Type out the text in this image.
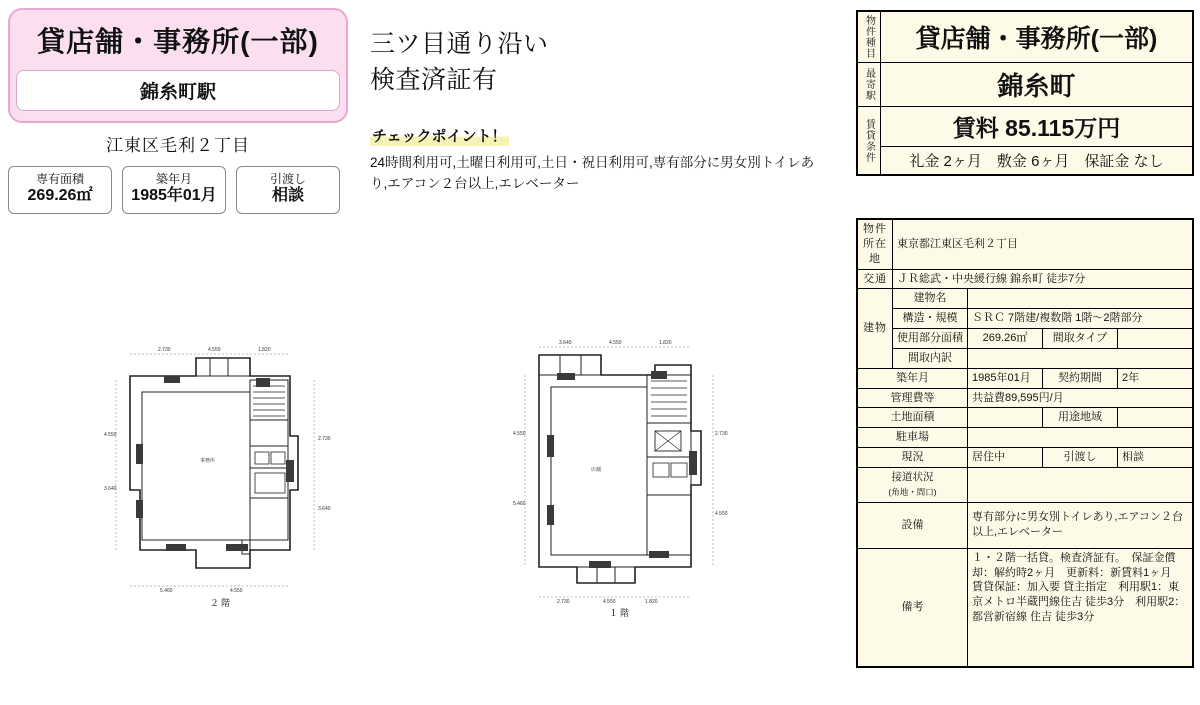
貸店舗・事務所(一部)
錦糸町駅
江東区毛利２丁目
専有面積
269.26㎡
築年月
1985年01月
引渡し
相談
三ツ目通り沿い
検査済証有
チェックポイント！
24時間利用可,土曜日利用可,土日・祝日利用可,専有部分に男女別トイレあり,エアコン２台以上,エレベーター
物件種目	貸店舗・事務所(一部)
最寄駅	錦糸町
賃貸条件	賃料 85.115万円
	礼金 2ヶ月　敷金 6ヶ月　保証金 なし
物件所在地	東京都江東区毛利２丁目			
交通	ＪＲ総武・中央緩行線 錦糸町 徒歩7分			
建物	建物名			
	構造・規模	ＳＲＣ 7階建/複数階 1階～2階部分		
	使用部分面積	269.26㎡	間取タイプ	
	間取内訳			
築年月		1985年01月	契約期間	2年
管理費等		共益費89,595円/月		
土地面積			用途地域	
駐車場				
現況		居住中	引渡し	相談
接道状況
(角地・間口)				
設備		専有部分に男女別トイレあり,エアコン２台以上,エレベーター		
備考		１・２階一括貸。検査済証有。　保証金償却：解約時2ヶ月　更新料：新賃料1ヶ月　賃貸保証：加入要 貸主指定　利用駅1：東京メトロ半蔵門線住吉 徒歩3分　利用駅2：都営新宿線 住吉 徒歩3分		
2.730	4.550	1.820
4.550
3.640
2.730
3.640
5.460	4.550
事務所
２階
3.640	4.550	1.820
4.550
5.460
2.730
4.550
2.730	4.550	1.820
店舗
１階
